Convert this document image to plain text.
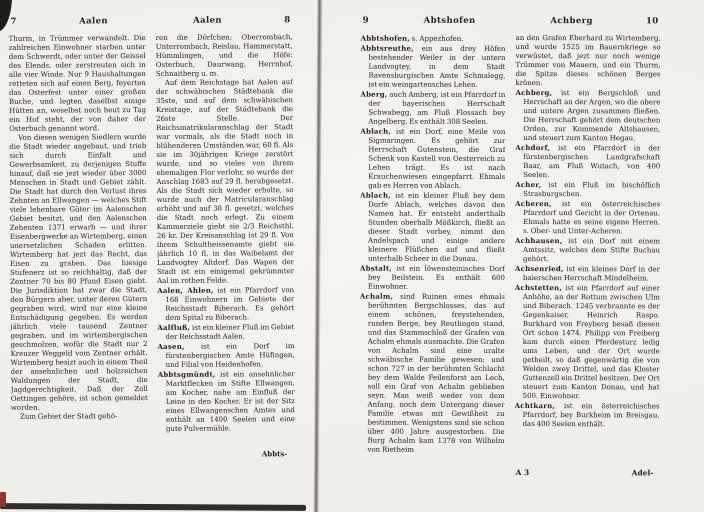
7	Aalen	Aalen	8

Thurm, in Trümmer verwandelt. Die zahlreichen Einwohner starben unter dem Schwerdt, oder unter der Geissel des Elends, oder zerstreuten sich in alle vier Winde. Nur 9 Haushaltungen retteten sich auf einen Berg, feyerten das Osterfest unter einer großen Buche, und legten daselbst einige Hütten an, woselbst noch heut zu Tag ein Hof steht, der von daher der Osterbuch genannt word.

Von diesen wenigen Siedlern wurde die Stadt wieder angebaut, und trieb sich durch Einfalt und Gewerbsamkeit, zu derjenigen Stuffe hinauf, daß sie jezt wieder über 3000 Menschen in Stadt und Gebiet zählt. Die Stadt hat durch den Verlust ihres Zehnten an Ellwangen — welches Stift viele lehenbare Güter im Aalenschen Gebiet besitzt, und den Aalenschen Zehenten 1371 erwarb — und ihrer Eisenbergwerke an Wirtemberg, einen unersetzlichen Schaden erlitten. Wirtemberg hat jezt das Recht, das Eisen zu graben. Das hiesige Stufenerz ist so reichhaltig, daß der Zentner 70 bis 80 Pfund Eisen giebt. Die Jurisdiktion hat zwar die Stadt, den Bürgern aber, unter deren Gütern gegraben wird, wird nur eine kleine Entschädigung gegeben. Es werden jährlich viele tausend Zentner gegraben, und im wirtembergischen geschmolzen, wofür die Stadt nur 2 Kreuzer Weggeld vom Zentner erhält. Wirtemberg besizt auch in einem Theil der ansehnlichen und holzreichen Waldungen der Stadt, die Jagdgerechtigkeit. Daß der Zoll Oettingen gehöre, ist schon gemeldet worden.

Zum Gebiet der Stadt gehö-

ren die Dörfchen: Oberrombach, Unterrombach, Reislau, Hammerstatt, Hümmlingen, und die Höfe: Osterbuch, Daurwang, Herrnhof, Schnaitberg u. m.

Auf dem Reichstage hat Aalen auf der schwäbischen Städtebank die 35ste, und auf dem schwäbischen Kreistage, auf der Städtebank die 26ste Stelle. Der Reichsmatrikularanschlag der Stadt war vormals, als die Stadt noch in blühenderen Umständen war, 60 fl. Als sie im 30jährigen Kriege zerstört wurde, und so vieles von ihrem ehemaligen Flor verlohr, so wurde der Anschlag 1683 auf 29 fl. herabgesetzt. Als die Stadt sich wieder erholte, so wurde auch der Matricularanschlag erhöht und auf 38 fl. gesetzt, welches die Stadt noch erlegt. Zu einem Kammerziele giebt sie 2/3 Reichsthl. 26 kr. Der Kreisanschlag ist 29 fl. Von ihrem Schultheissenamte giebt sie jährlich 10 fl. in das Waibelamt der Landvogtey Altdorf. Das Wapen der Stadt ist ein einigemal gekrümmter Aal im rothen Felde.

Aalen, Ahlen, ist ein Pfarrdorf von 168 Einwohnern im Gebiete der Reichsstadt Biberach. Es gehört dem Spital zu Biberach.

Aalfluß, ist ein kleiner Fluß im Gebiet der Reichsstadt Aalen.

Aasen, ist ein Dorf im fürstenbergischen Amte Hüfingen, und Filial von Heidenhofen.

Abbtsgmündt, ist ein ansehnlicher Marktflecken im Stifte Ellwangen, am Kocher, nahe am Einfluß der Leine in den Kocher. Er ist der Sitz eines Ellwangenschen Amtes und enthält an 1400 Seelen und eine gute Pulvermühle.

Abbts-
9	Abtshofen	Achberg	10

Abbtshofen, s. Appezhofen.

Abbtsreuthe, ein aus drey Höfen bestehender Weiler in der untern Landvogtey, in dem Stadt Ravensburgischen Amte Schmalegg, ist ein weingartensches Lehen.

Aberg, auch Amberg, ist ein Pfarrdorf in der bayerischen Herrschaft Schwabegg, am Fluß Flossach bey Angelberg. Es enthält 308 Seelen.

Ablach, ist ein Dorf, eine Meile von Sigmaringen. Es gehört zur Herrschaft Gutenstein, die Graf Schenk von Kastell von Oesterreich zu Lehen trägt. Es ist nach Krauchenwiesen eingepfarrt. Ehmals gab es Herren von Ablach.

Ablach, ist ein kleiner Fluß bey dem Dorfe Ablach, welches davon den Namen hat. Er entsteht anderthalb Stunden oberhalb Mößkirch, fließt an dieser Stadt vorbey, nimmt den Andelspach und einige andere kleinere Flüßchen auf und fließt unterhalb Scheer in die Donau.

Abstalt, ist ein löwensteinisches Dorf bey Beilstein. Es enthält 600 Einwohner.

Achalm, sind Ruinen eines ehmals berühmten Bergschlosses, das auf einem schönen, freystehenden, runden Berge, bey Reutlingen stand, und das Stammschloß der Grafen von Achalm ehmals ausmachte. Die Grafen von Achalm sind eine uralte schwäbische Familie gewesen; und schon 727 in der berühmten Schlacht bey dem Walde Feilenforst am Lech, soll ein Graf von Achalm geblieben seyn. Man weiß weder von dem Anfang, noch dem Untergang dieser Familie etwas mit Gewißheit zu bestimmen. Wenigstens sind sie schon über 400 Jahre ausgestorben. Die Burg Achalm kam 1378 von Wilhelm von Rietheim

an den Grafen Eberhard zu Wirtemberg, und wurde 1525 im Bauernkriege so verwüstet, daß jezt nur noch wenige Trümmer von Mauern, und ein Thurm, die Spitze dieses schönen Berges krönen.

Achberg, ist ein Bergschloß und Herrschaft an der Argen, wo die obere und untere Argen zusammen fließen. Die Herrschaft gehört dem deutschen Orden, zur Kommende Altshausen, und steuert zum Kanton Hegau.

Achdorf, ist ein Pfarrdorf in der fürstenbergischen Landgrafschaft Baar, am Fluß Wutach, von 400 Seelen.

Acher, ist ein Fluß im bischöflich Strasburgschen.

Acheren, ist ein österreichisches Pfarrdorf und Gericht in der Ortenau. Ehmals hatte es seine eigene Herren. s. Ober- und Unter-Acheren.

Achhausen, ist ein Dorf mit einem Amtssitz, welches dem Stifte Buchau gehört.

Achsenried, ist ein kleines Dorf in der baierschen Herrschaft Mindelheim.

Achstetten, ist ein Pfarrdorf auf einer Anhöhe, an der Rottum zwischen Ulm und Biberach. 1245 verbrannte es der Gegenkaiser, Heinrich Raspo. Burkhard von Freyberg besaß diesen Ort schon 1474. Philipp von Freiberg kam durch einen Pferdesturz ledig ums Leben, und der Ort wurde getheilt, so daß gegenwärtig die von Welden zwey Drittel, und das Kloster Guttenzell ein Drittel besitzen. Der Ort steuert zum Kanton Donau, und hat 500. Einwohner.

Achtkarn, ist ein österreichisches Pfarrdorf, bey Burkheim im Breisgau, das 400 Seelen enthält.

A 3	Adel-
